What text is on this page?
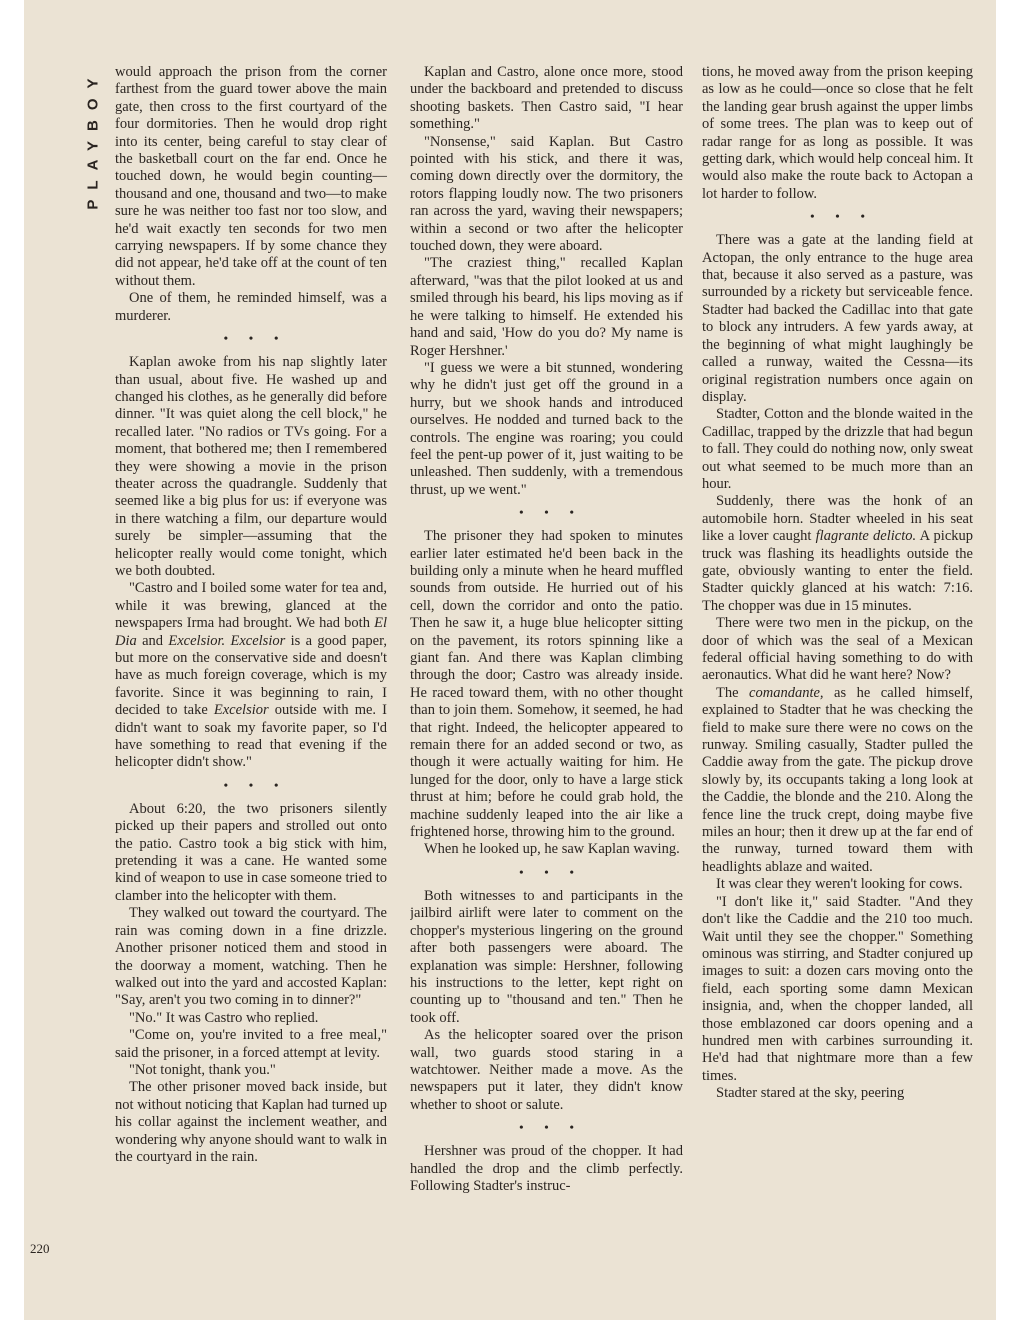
PLAYBOY would approach the prison from the corner farthest from the guard tower above the main gate, then cross to the first courtyard of the four dormitories. Then he would drop right into its center, being careful to stay clear of the basketball court on the far end. Once he touched down, he would begin counting—thousand and one, thousand and two—to make sure he was neither too fast nor too slow, and he'd wait exactly ten seconds for two men carrying newspapers. If by some chance they did not appear, he'd take off at the count of ten without them.

One of them, he reminded himself, was a murderer.

• • •

Kaplan awoke from his nap slightly later than usual, about five. He washed up and changed his clothes, as he generally did before dinner. "It was quiet along the cell block," he recalled later. "No radios or TVs going. For a moment, that bothered me; then I remembered they were showing a movie in the prison theater across the quadrangle. Suddenly that seemed like a big plus for us: if everyone was in there watching a film, our departure would surely be simpler—assuming that the helicopter really would come tonight, which we both doubted.

"Castro and I boiled some water for tea and, while it was brewing, glanced at the newspapers Irma had brought. We had both El Dia and Excelsior. Excelsior is a good paper, but more on the conservative side and doesn't have as much foreign coverage, which is my favorite. Since it was beginning to rain, I decided to take Excelsior outside with me. I didn't want to soak my favorite paper, so I'd have something to read that evening if the helicopter didn't show."

• • •

About 6:20, the two prisoners silently picked up their papers and strolled out onto the patio. Castro took a big stick with him, pretending it was a cane. He wanted some kind of weapon to use in case someone tried to clamber into the helicopter with them.

They walked out toward the courtyard. The rain was coming down in a fine drizzle. Another prisoner noticed them and stood in the doorway a moment, watching. Then he walked out into the yard and accosted Kaplan: "Say, aren't you two coming in to dinner?"

"No." It was Castro who replied.

"Come on, you're invited to a free meal," said the prisoner, in a forced attempt at levity.

"Not tonight, thank you."

The other prisoner moved back inside, but not without noticing that Kaplan had turned up his collar against the inclement weather, and wondering why anyone should want to walk in the courtyard in the rain.

Kaplan and Castro, alone once more, stood under the backboard and pretended to discuss shooting baskets. Then Castro said, "I hear something."

"Nonsense," said Kaplan. But Castro pointed with his stick, and there it was, coming down directly over the dormitory, the rotors flapping loudly now. The two prisoners ran across the yard, waving their newspapers; within a second or two after the helicopter touched down, they were aboard.

"The craziest thing," recalled Kaplan afterward, "was that the pilot looked at us and smiled through his beard, his lips moving as if he were talking to himself. He extended his hand and said, 'How do you do? My name is Roger Hershner.'

"I guess we were a bit stunned, wondering why he didn't just get off the ground in a hurry, but we shook hands and introduced ourselves. He nodded and turned back to the controls. The engine was roaring; you could feel the pent-up power of it, just waiting to be unleashed. Then suddenly, with a tremendous thrust, up we went."

• • •

The prisoner they had spoken to minutes earlier later estimated he'd been back in the building only a minute when he heard muffled sounds from outside. He hurried out of his cell, down the corridor and onto the patio. Then he saw it, a huge blue helicopter sitting on the pavement, its rotors spinning like a giant fan. And there was Kaplan climbing through the door; Castro was already inside. He raced toward them, with no other thought than to join them. Somehow, it seemed, he had that right. Indeed, the helicopter appeared to remain there for an added second or two, as though it were actually waiting for him. He lunged for the door, only to have a large stick thrust at him; before he could grab hold, the machine suddenly leaped into the air like a frightened horse, throwing him to the ground.

When he looked up, he saw Kaplan waving.

• • •

Both witnesses to and participants in the jailbird airlift were later to comment on the chopper's mysterious lingering on the ground after both passengers were aboard. The explanation was simple: Hershner, following his instructions to the letter, kept right on counting up to "thousand and ten." Then he took off.

As the helicopter soared over the prison wall, two guards stood staring in a watchtower. Neither made a move. As the newspapers put it later, they didn't know whether to shoot or salute.

• • •

Hershner was proud of the chopper. It had handled the drop and the climb perfectly. Following Stadter's instruc-

tions, he moved away from the prison keeping as low as he could—once so close that he felt the landing gear brush against the upper limbs of some trees. The plan was to keep out of radar range for as long as possible. It was getting dark, which would help conceal him. It would also make the route back to Actopan a lot harder to follow.

• • •

There was a gate at the landing field at Actopan, the only entrance to the huge area that, because it also served as a pasture, was surrounded by a rickety but serviceable fence. Stadter had backed the Cadillac into that gate to block any intruders. A few yards away, at the beginning of what might laughingly be called a runway, waited the Cessna—its original registration numbers once again on display.

Stadter, Cotton and the blonde waited in the Cadillac, trapped by the drizzle that had begun to fall. They could do nothing now, only sweat out what seemed to be much more than an hour.

Suddenly, there was the honk of an automobile horn. Stadter wheeled in his seat like a lover caught flagrante delicto. A pickup truck was flashing its headlights outside the gate, obviously wanting to enter the field. Stadter quickly glanced at his watch: 7:16. The chopper was due in 15 minutes.

There were two men in the pickup, on the door of which was the seal of a Mexican federal official having something to do with aeronautics. What did he want here? Now?

The comandante, as he called himself, explained to Stadter that he was checking the field to make sure there were no cows on the runway. Smiling casually, Stadter pulled the Caddie away from the gate. The pickup drove slowly by, its occupants taking a long look at the Caddie, the blonde and the 210. Along the fence line the truck crept, doing maybe five miles an hour; then it drew up at the far end of the runway, turned toward them with headlights ablaze and waited.

It was clear they weren't looking for cows.

"I don't like it," said Stadter. "And they don't like the Caddie and the 210 too much. Wait until they see the chopper." Something ominous was stirring, and Stadter conjured up images to suit: a dozen cars moving onto the field, each sporting some damn Mexican insignia, and, when the chopper landed, all those emblazoned car doors opening and a hundred men with carbines surrounding it. He'd had that nightmare more than a few times.

Stadter stared at the sky, peering

220
